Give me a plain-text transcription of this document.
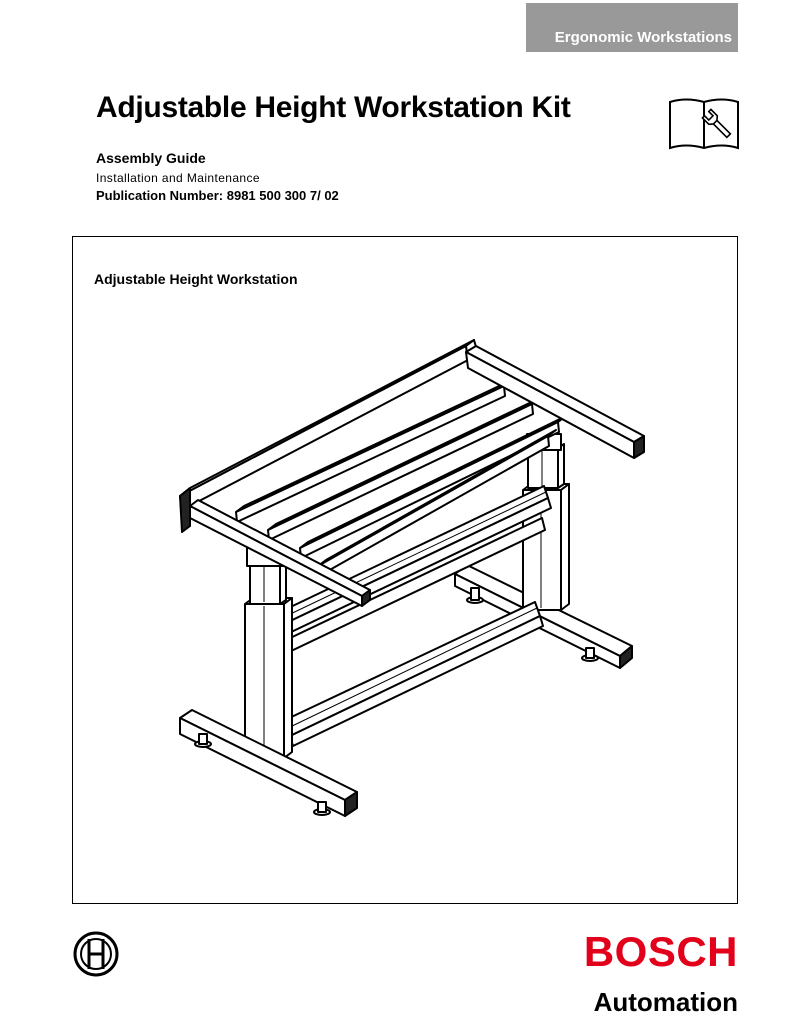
Ergonomic Workstations
Adjustable Height Workstation Kit

Assembly Guide

Installation and Maintenance

Publication Number: 8981 500 300 7/ 02

Adjustable Height Workstation
BOSCH
Automation
